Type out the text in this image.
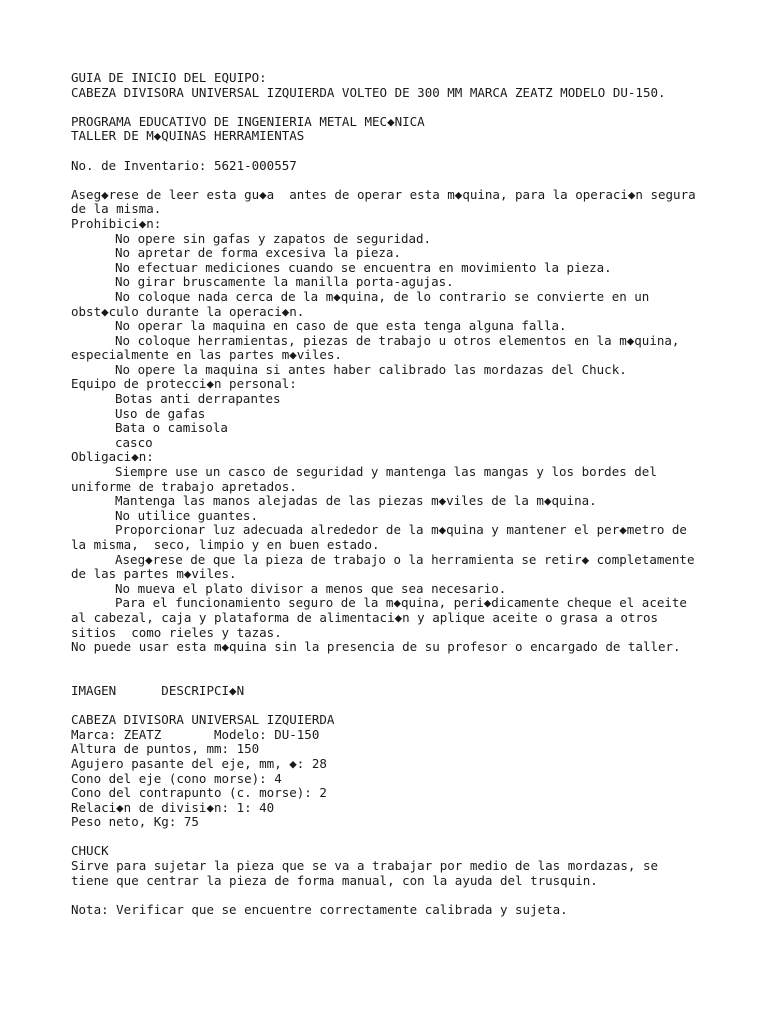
GUIA DE INICIO DEL EQUIPO:
CABEZA DIVISORA UNIVERSAL IZQUIERDA VOLTEO DE 300 MM MARCA ZEATZ MODELO DU-150.
PROGRAMA EDUCATIVO DE INGENIERIA METAL MEC◆NICA
TALLER DE M◆QUINAS HERRAMIENTAS
No. de Inventario: 5621-000557
Aseg◆rese de leer esta gu◆a  antes de operar esta m◆quina, para la operaci◆n segura
de la misma.
Prohibici◆n:
No opere sin gafas y zapatos de seguridad.
No apretar de forma excesiva la pieza.
No efectuar mediciones cuando se encuentra en movimiento la pieza.
No girar bruscamente la manilla porta-agujas.
No coloque nada cerca de la m◆quina, de lo contrario se convierte en un
obst◆culo durante la operaci◆n.
No operar la maquina en caso de que esta tenga alguna falla.
No coloque herramientas, piezas de trabajo u otros elementos en la m◆quina,
especialmente en las partes m◆viles.
No opere la maquina si antes haber calibrado las mordazas del Chuck.
Equipo de protecci◆n personal:
Botas anti derrapantes
Uso de gafas
Bata o camisola
casco
Obligaci◆n:
Siempre use un casco de seguridad y mantenga las mangas y los bordes del
uniforme de trabajo apretados.
Mantenga las manos alejadas de las piezas m◆viles de la m◆quina.
No utilice guantes.
Proporcionar luz adecuada alrededor de la m◆quina y mantener el per◆metro de
la misma,  seco, limpio y en buen estado.
Aseg◆rese de que la pieza de trabajo o la herramienta se retir◆ completamente
de las partes m◆viles.
No mueva el plato divisor a menos que sea necesario.
Para el funcionamiento seguro de la m◆quina, peri◆dicamente cheque el aceite
al cabezal, caja y plataforma de alimentaci◆n y aplique aceite o grasa a otros
sitios  como rieles y tazas.
No puede usar esta m◆quina sin la presencia de su profesor o encargado de taller.
IMAGEN      DESCRIPCI◆N
CABEZA DIVISORA UNIVERSAL IZQUIERDA
Marca: ZEATZ       Modelo: DU-150
Altura de puntos, mm: 150
Agujero pasante del eje, mm, ◆: 28
Cono del eje (cono morse): 4
Cono del contrapunto (c. morse): 2
Relaci◆n de divisi◆n: 1: 40
Peso neto, Kg: 75
CHUCK
Sirve para sujetar la pieza que se va a trabajar por medio de las mordazas, se
tiene que centrar la pieza de forma manual, con la ayuda del trusquin.
Nota: Verificar que se encuentre correctamente calibrada y sujeta.
